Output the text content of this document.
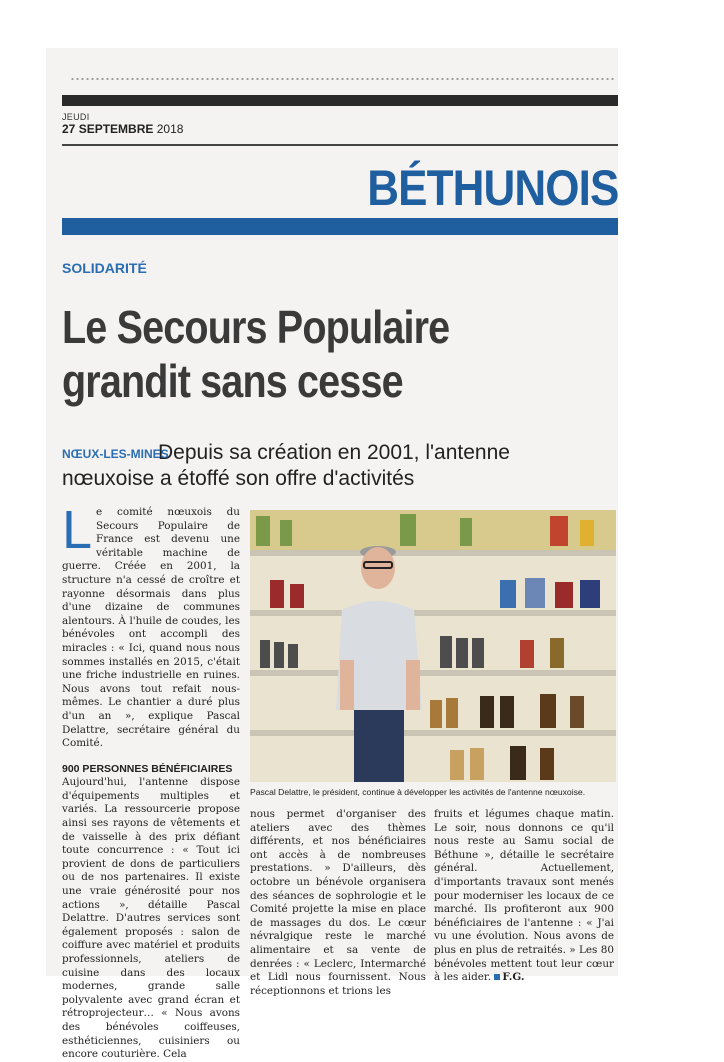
JEUDI
27 SEPTEMBRE 2018
BÉTHUNOIS
SOLIDARITÉ
Le Secours Populaire grandit sans cesse
Depuis sa création en 2001, l'antenne nœuxoise a étoffé son offre d'activités
NŒUX-LES-MINES

Le comité nœuxois du Secours Populaire de France est devenu une véritable machine de guerre. Créée en 2001, la structure n'a cessé de croître et rayonne désormais dans plus d'une dizaine de communes alentours. À l'huile de coudes, les bénévoles ont accompli des miracles : « Ici, quand nous nous sommes installés en 2015, c'était une friche industrielle en ruines. Nous avons tout refait nous-mêmes. Le chantier a duré plus d'un an », explique Pascal Delattre, secrétaire général du Comité.

900 PERSONNES BÉNÉFICIAIRES

Aujourd'hui, l'antenne dispose d'équipements multiples et variés. La ressourcerie propose ainsi ses rayons de vêtements et de vaisselle à des prix défiant toute concurrence : « Tout ici provient de dons de particuliers ou de nos partenaires. Il existe une vraie générosité pour nos actions », détaille Pascal Delattre. D'autres services sont également proposés : salon de coiffure avec matériel et produits professionnels, ateliers de cuisine dans des locaux modernes, grande salle polyvalente avec grand écran et rétroprojecteur… « Nous avons des bénévoles coiffeuses, esthéticiennes, cuisiniers ou encore couturière. Cela

Pascal Delattre, le président, continue à développer les activités de l'antenne nœuxoise.

nous permet d'organiser des ateliers avec des thèmes différents, et nos bénéficiaires ont accès à de nombreuses prestations. » D'ailleurs, dès octobre un bénévole organisera des séances de sophrologie et le Comité projette la mise en place de massages du dos. Le cœur névralgique reste le marché alimentaire et sa vente de denrées : « Leclerc, Intermarché et Lidl nous fournissent. Nous réceptionnons et trions les

fruits et légumes chaque matin. Le soir, nous donnons ce qu'il nous reste au Samu social de Béthune », détaille le secrétaire général. Actuellement, d'importants travaux sont menés pour moderniser les locaux de ce marché. Ils profiteront aux 900 bénéficiaires de l'antenne : « J'ai vu une évolution. Nous avons de plus en plus de retraités. » Les 80 bénévoles mettent tout leur cœur à les aider. F.G.
